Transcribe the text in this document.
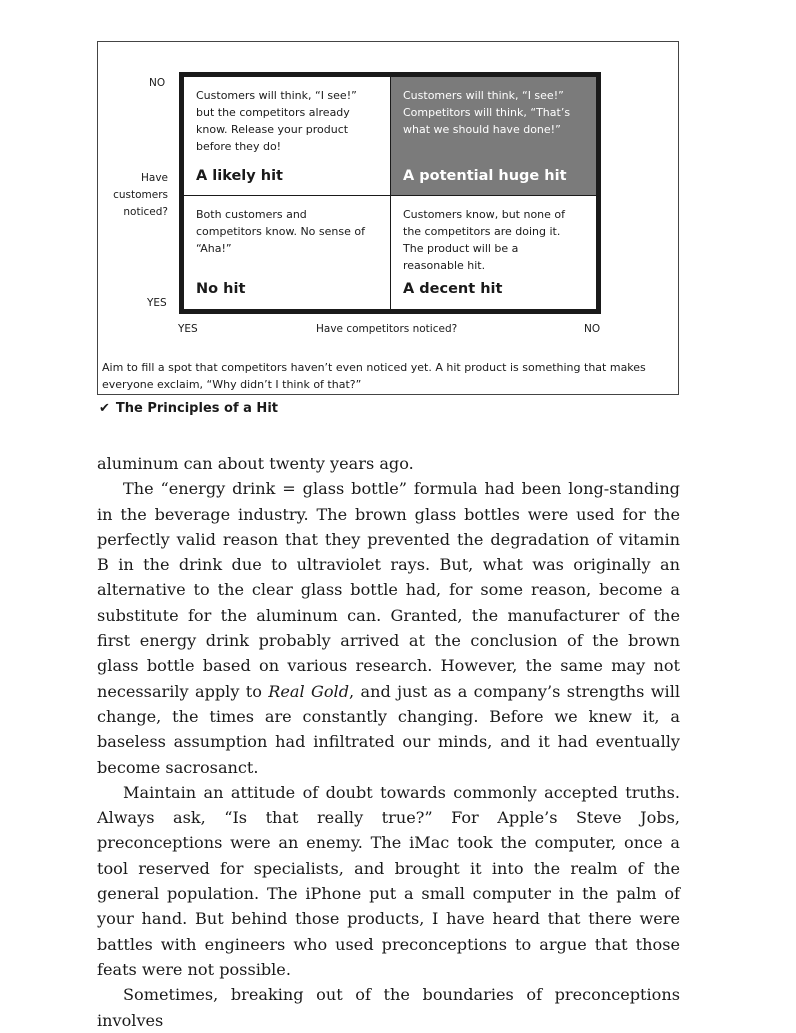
NO
Have
customers
noticed?
YES
Customers will think, “I see!”
but the competitors already
know. Release your product
before they do!
A likely hit
Customers will think, “I see!”
Competitors will think, “That’s
what we should have done!”
A potential huge hit
Both customers and
competitors know. No sense of
“Aha!”
No hit
Customers know, but none of
the competitors are doing it.
The product will be a
reasonable hit.
A decent hit
YES	Have competitors noticed?	NO
Aim to fill a spot that competitors haven’t even noticed yet. A hit product is something that makes everyone exclaim, “Why didn’t I think of that?”
✔ The Principles of a Hit

aluminum can about twenty years ago.

The “energy drink = glass bottle” formula had been long-standing in the beverage industry. The brown glass bottles were used for the perfectly valid reason that they prevented the degradation of vitamin B in the drink due to ultraviolet rays. But, what was originally an alternative to the clear glass bottle had, for some reason, become a substitute for the aluminum can. Granted, the manufacturer of the first energy drink probably arrived at the conclusion of the brown glass bottle based on various research. However, the same may not necessarily apply to Real Gold, and just as a company’s strengths will change, the times are constantly changing. Before we knew it, a baseless assumption had infiltrated our minds, and it had eventually become sacrosanct.

Maintain an attitude of doubt towards commonly accepted truths. Always ask, “Is that really true?” For Apple’s Steve Jobs, preconceptions were an enemy. The iMac took the computer, once a tool reserved for specialists, and brought it into the realm of the general population. The iPhone put a small computer in the palm of your hand. But behind those products, I have heard that there were battles with engineers who used preconceptions to argue that those feats were not possible.

Sometimes, breaking out of the boundaries of preconceptions involves
